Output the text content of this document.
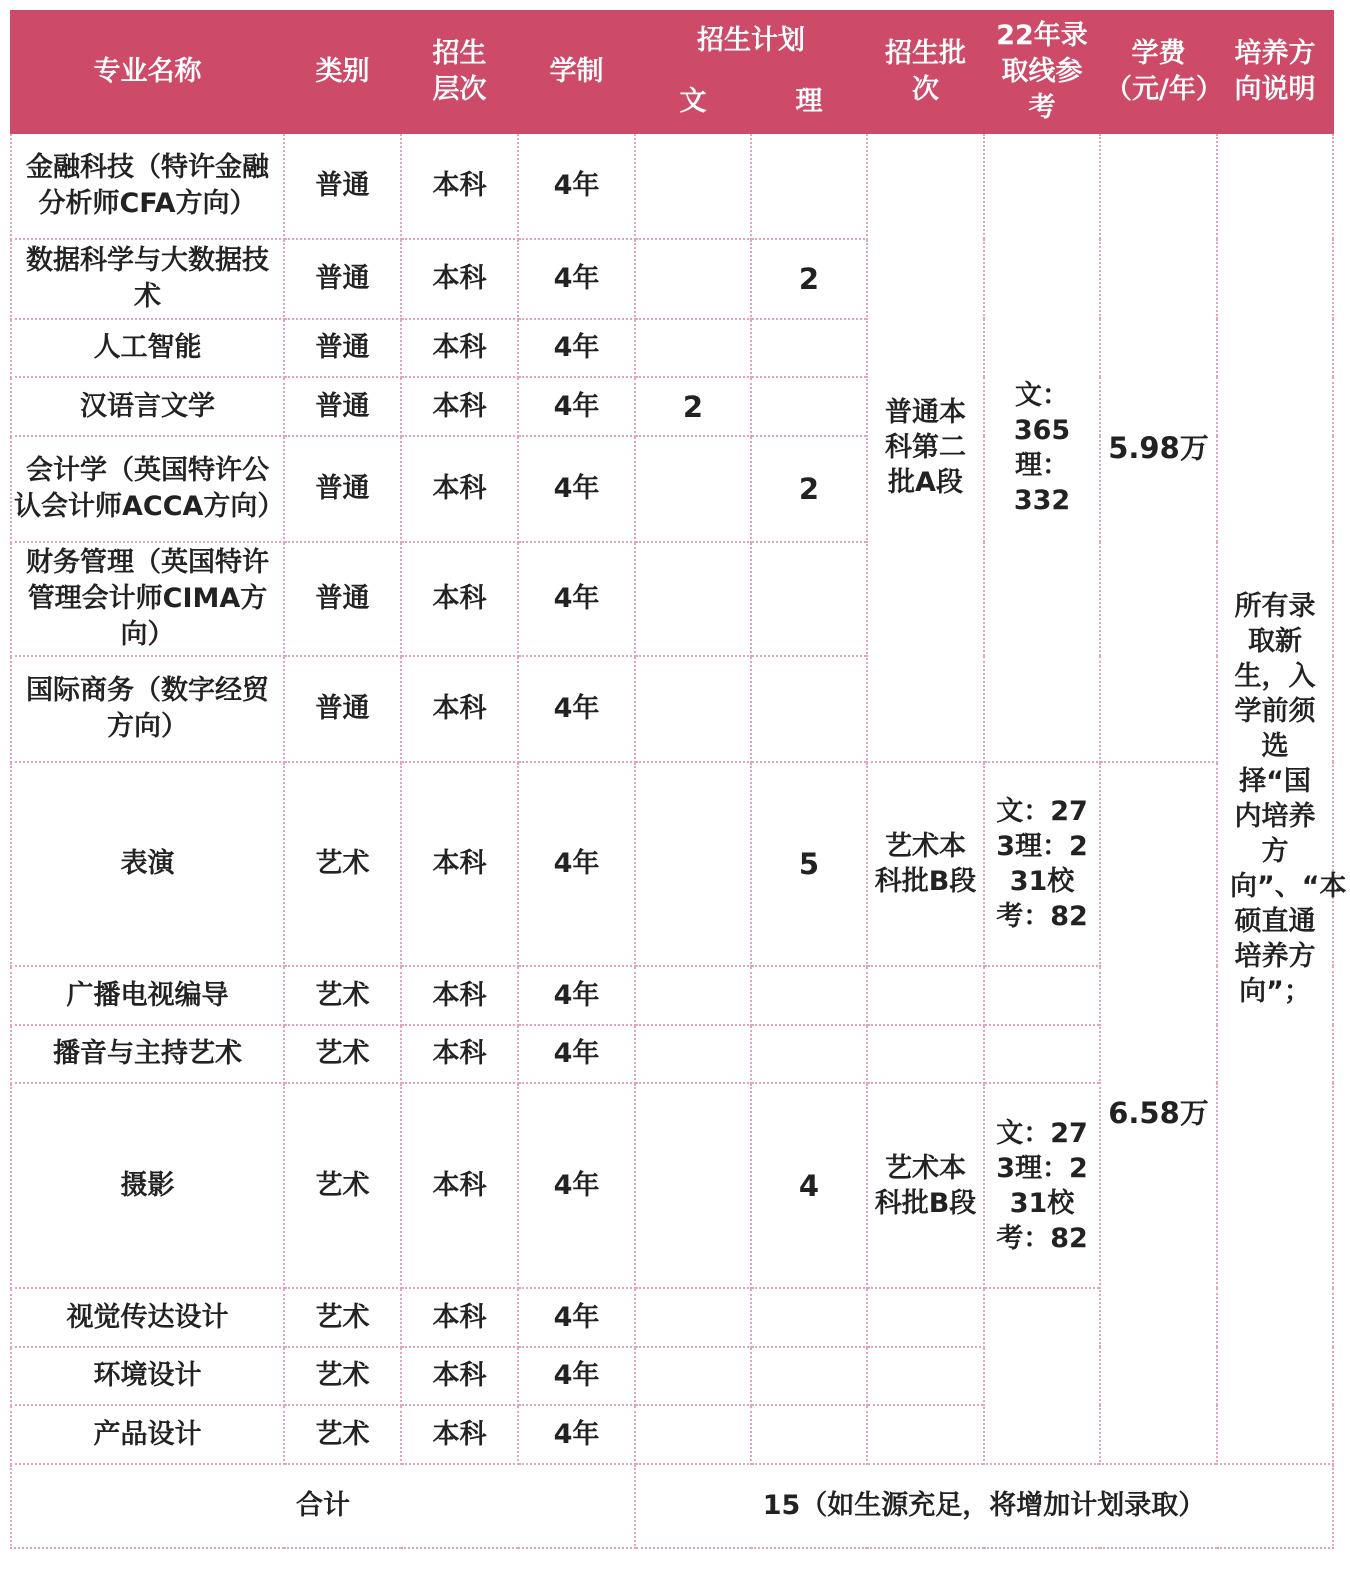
专业名称	类别	招生层次	学制	招生计划		招生批次	22年录取线参考	学费（元/年）	培养方向说明
				文	理				
金融科技（特许金融分析师CFA方向）	普通	本科	4年			普通本科第二批A段	文：365理：332	5.98万	所有录取新生，入学前须选择“国内培养方向”、“本硕直通培养方向”；
数据科学与大数据技术	普通	本科	4年		2				
人工智能	普通	本科	4年						
汉语言文学	普通	本科	4年	2					
会计学（英国特许公认会计师ACCA方向）	普通	本科	4年		2				
财务管理（英国特许管理会计师CIMA方向）	普通	本科	4年						
国际商务（数字经贸方向）	普通	本科	4年						
表演	艺术	本科	4年		5	艺术本科批B段	文：273理：231校考：82	6.58万	
广播电视编导	艺术	本科	4年						
播音与主持艺术	艺术	本科	4年						
摄影	艺术	本科	4年		4	艺术本科批B段	文：273理：231校考：82		
视觉传达设计	艺术	本科	4年						
环境设计	艺术	本科	4年						
产品设计	艺术	本科	4年						
合计				15（如生源充足，将增加计划录取）					
